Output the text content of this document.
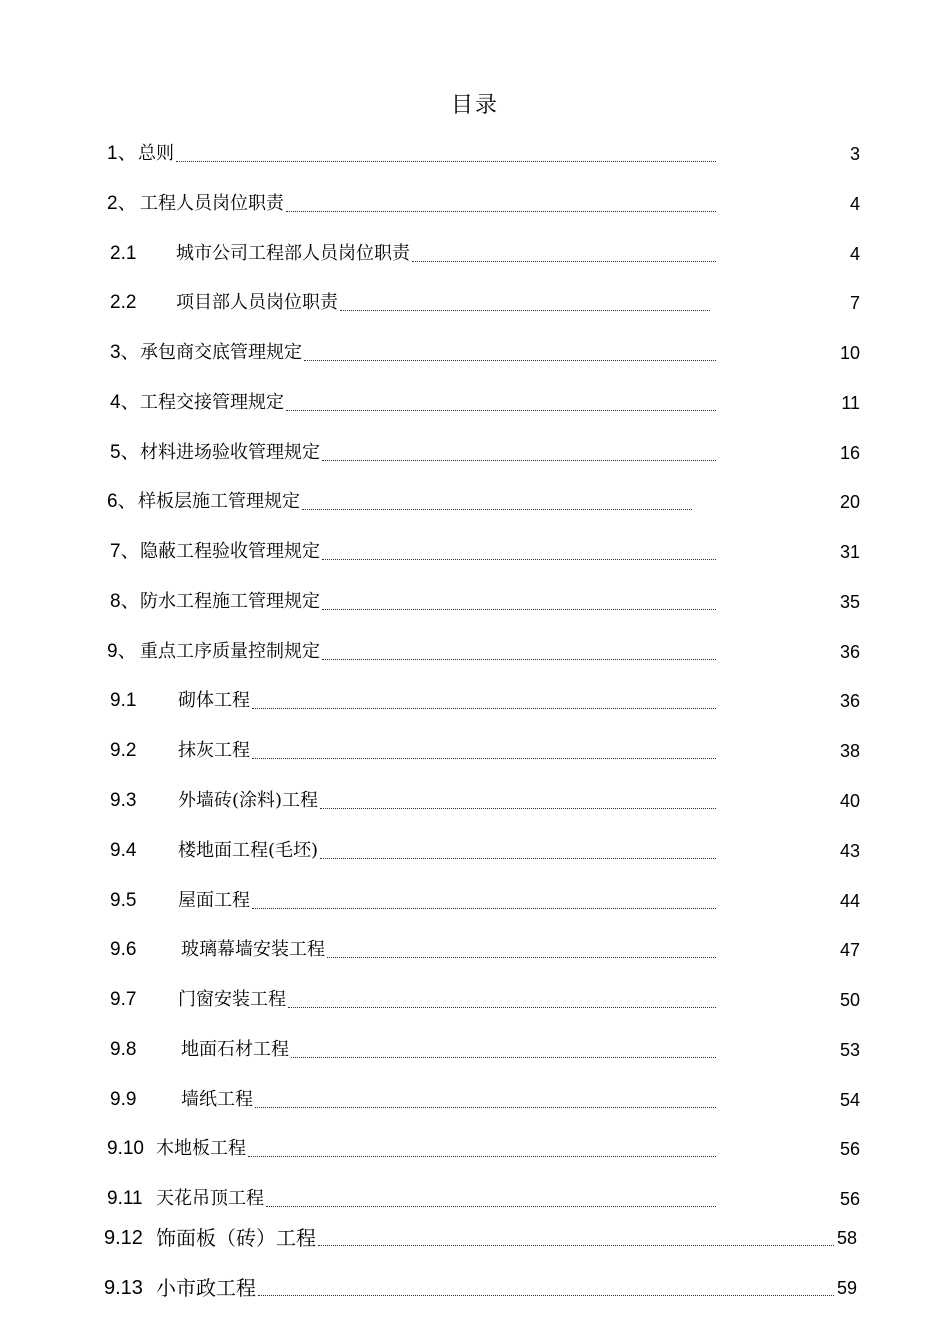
目录
1、 总则	3
2、 工程人员岗位职责	4
2.1 城市公司工程部人员岗位职责	4
2.2 项目部人员岗位职责	7
3、 承包商交底管理规定	10
4、 工程交接管理规定	11
5、 材料进场验收管理规定	16
6、 样板层施工管理规定	20
7、 隐蔽工程验收管理规定	31
8、 防水工程施工管理规定	35
9、 重点工序质量控制规定	36
9.1 砌体工程	36
9.2 抹灰工程	38
9.3 外墙砖(涂料)工程	40
9.4 楼地面工程(毛坯)	43
9.5 屋面工程	44
9.6 玻璃幕墙安装工程	47
9.7 门窗安装工程	50
9.8 地面石材工程	53
9.9 墙纸工程	54
9.10 木地板工程	56
9.11 天花吊顶工程	56
9.12 饰面板（砖）工程	58
9.13 小市政工程	59
